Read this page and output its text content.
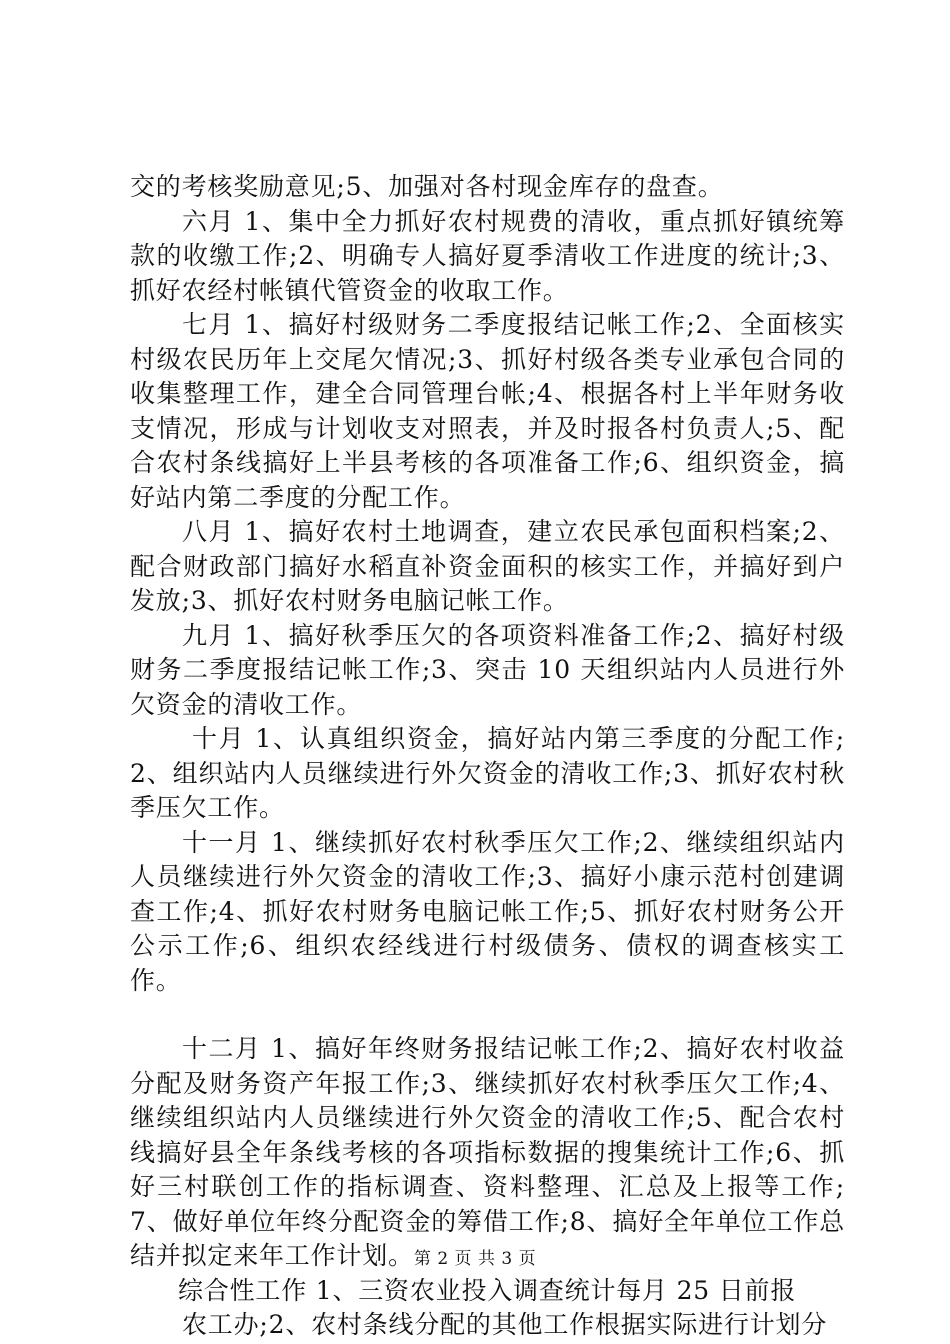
交的考核奖励意见;5、加强对各村现金库存的盘查。

六月 1、集中全力抓好农村规费的清收，重点抓好镇统筹款的收缴工作;2、明确专人搞好夏季清收工作进度的统计;3、抓好农经村帐镇代管资金的收取工作。

七月 1、搞好村级财务二季度报结记帐工作;2、全面核实村级农民历年上交尾欠情况;3、抓好村级各类专业承包合同的收集整理工作，建全合同管理台帐;4、根据各村上半年财务收支情况，形成与计划收支对照表，并及时报各村负责人;5、配合农村条线搞好上半县考核的各项准备工作;6、组织资金，搞好站内第二季度的分配工作。

八月 1、搞好农村土地调查，建立农民承包面积档案;2、配合财政部门搞好水稻直补资金面积的核实工作，并搞好到户发放;3、抓好农村财务电脑记帐工作。

九月 1、搞好秋季压欠的各项资料准备工作;2、搞好村级财务二季度报结记帐工作;3、突击 10 天组织站内人员进行外欠资金的清收工作。

十月 1、认真组织资金，搞好站内第三季度的分配工作;2、组织站内人员继续进行外欠资金的清收工作;3、抓好农村秋季压欠工作。

十一月 1、继续抓好农村秋季压欠工作;2、继续组织站内人员继续进行外欠资金的清收工作;3、搞好小康示范村创建调查工作;4、抓好农村财务电脑记帐工作;5、抓好农村财务公开公示工作;6、组织农经线进行村级债务、债权的调查核实工作。

十二月 1、搞好年终财务报结记帐工作;2、搞好农村收益分配及财务资产年报工作;3、继续抓好农村秋季压欠工作;4、继续组织站内人员继续进行外欠资金的清收工作;5、配合农村线搞好县全年条线考核的各项指标数据的搜集统计工作;6、抓好三村联创工作的指标调查、资料整理、汇总及上报等工作;7、做好单位年终分配资金的筹借工作;8、搞好全年单位工作总结并拟定来年工作计划。

综合性工作 1、三资农业投入调查统计每月 25 日前报

农工办;2、农村条线分配的其他工作根据实际进行计划分

第 2 页 共 3 页
